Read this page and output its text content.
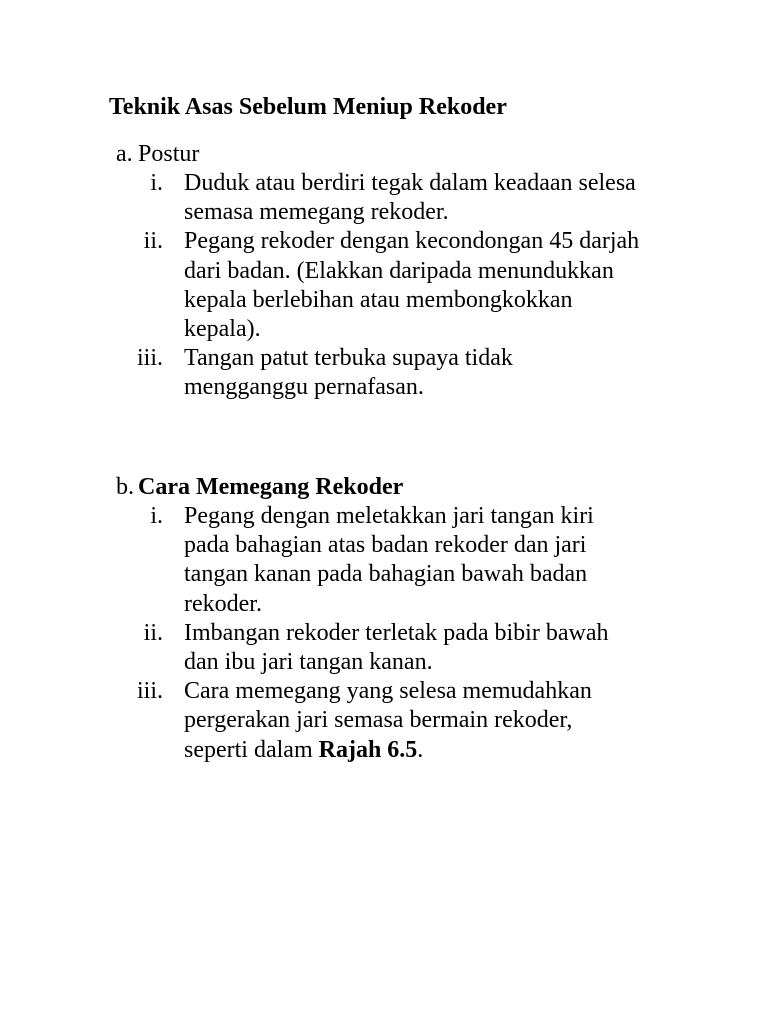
Teknik Asas Sebelum Meniup Rekoder
a. Postur
i. Duduk atau berdiri tegak dalam keadaan selesa
semasa memegang rekoder.
ii. Pegang rekoder dengan kecondongan 45 darjah
dari badan. (Elakkan daripada menundukkan
kepala berlebihan atau membongkokkan
kepala).
iii. Tangan patut terbuka supaya tidak
mengganggu pernafasan.
b. Cara Memegang Rekoder
i. Pegang dengan meletakkan jari tangan kiri
pada bahagian atas badan rekoder dan jari
tangan kanan pada bahagian bawah badan
rekoder.
ii. Imbangan rekoder terletak pada bibir bawah
dan ibu jari tangan kanan.
iii. Cara memegang yang selesa memudahkan
pergerakan jari semasa bermain rekoder,
seperti dalam Rajah 6.5.
